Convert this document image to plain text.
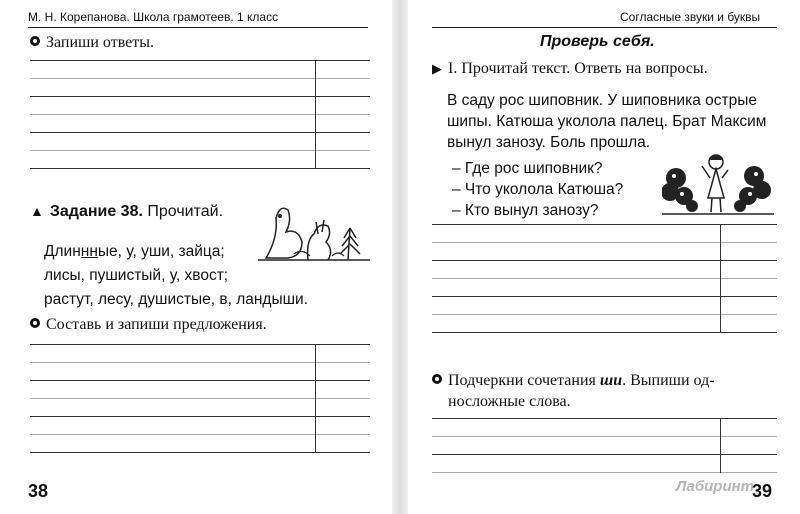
М. Н. Корепанова. Школа грамотеев. 1 класс
Запиши ответы.
▲ Задание 38. Прочитай.
Длиннные, у, уши, зайца;
лисы, пушистый, у, хвост;
растут, лесу, душистые, в, ландыши.
Составь и запиши предложения.
38
Согласные звуки и буквы
Проверь себя.
▶ I. Прочитай текст. Ответь на вопросы.
В саду рос шиповник. У шиповника острые шипы. Катюша уколола палец. Брат Максим вынул занозу. Боль прошла.
– Где рос шиповник?
– Что уколола Катюша?
– Кто вынул занозу?
Подчеркни сочетания ши. Выпиши од-
носложные слова.
Лабиринт
39
